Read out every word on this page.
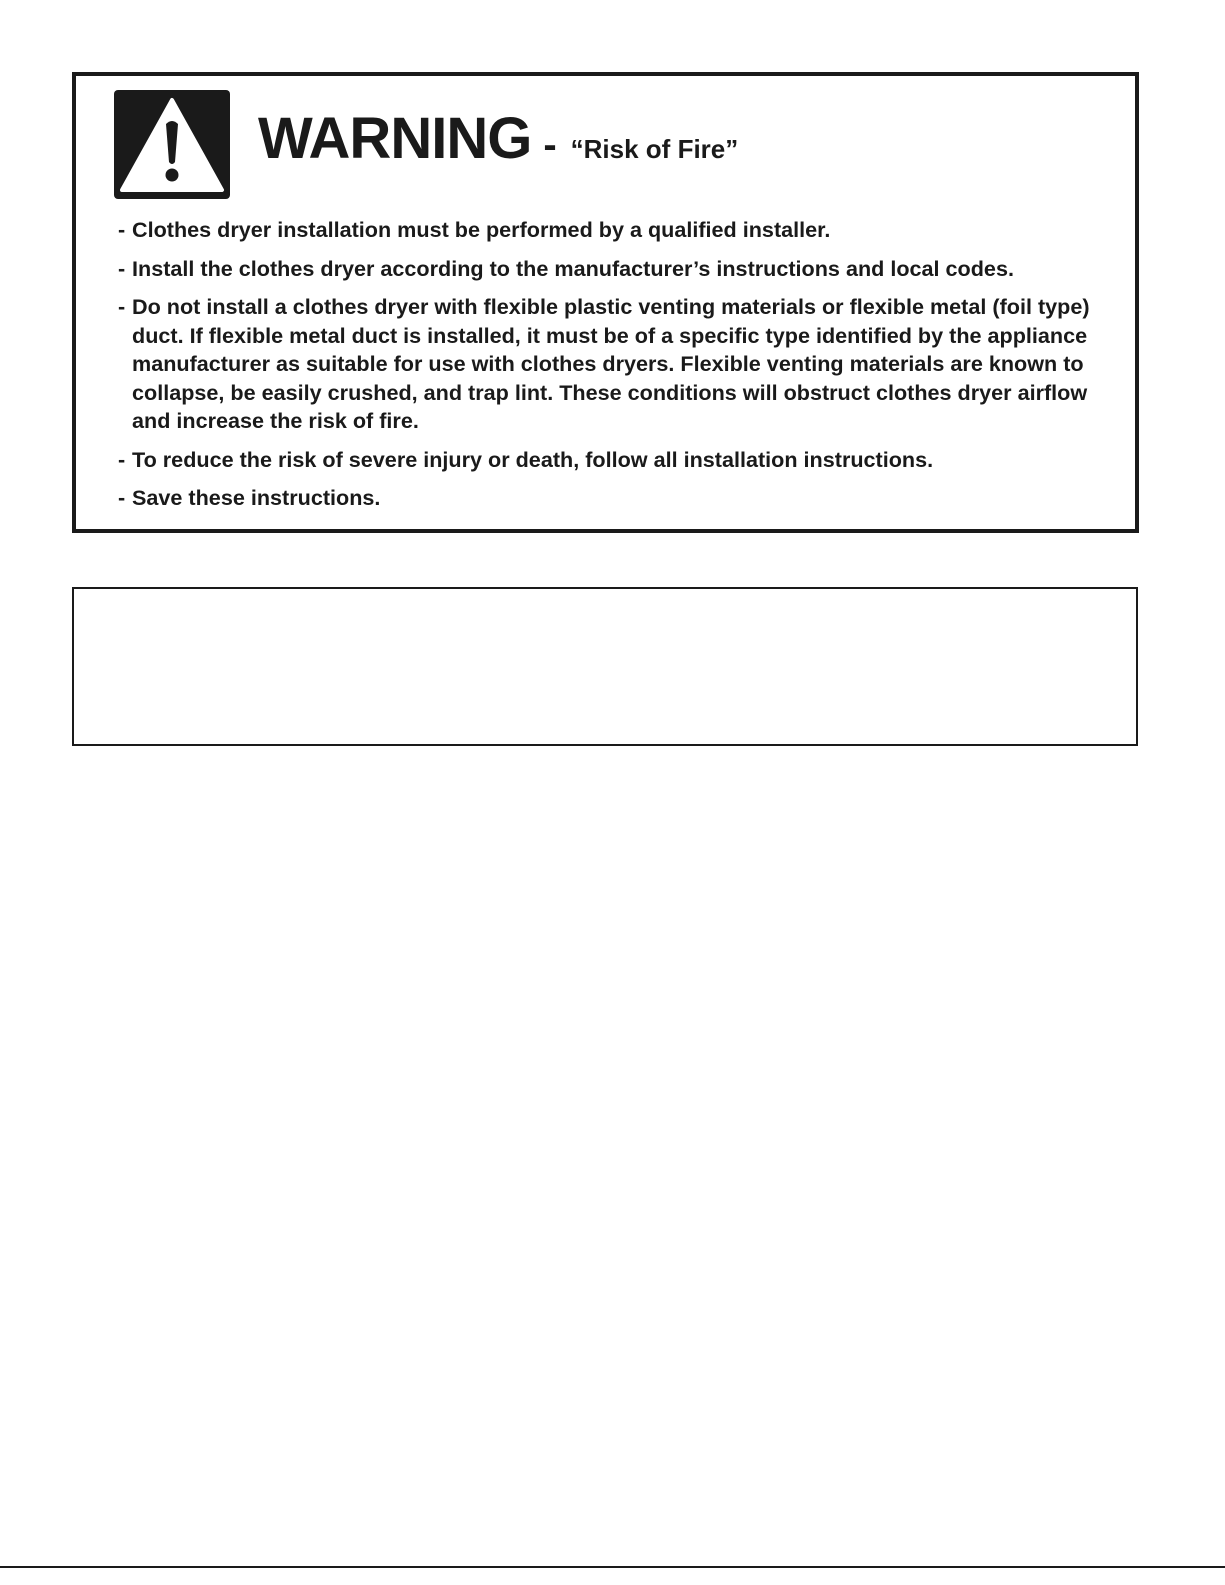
WARNING - “Risk of Fire”
- Clothes dryer installation must be performed by a qualified installer.
- Install the clothes dryer according to the manufacturer’s instructions and local codes.
- Do not install a clothes dryer with flexible plastic venting materials or flexible metal (foil type) duct. If flexible metal duct is installed, it must be of a specific type identified by the appliance manufacturer as suitable for use with clothes dryers. Flexible venting materials are known to collapse, be easily crushed, and trap lint. These conditions will obstruct clothes dryer airflow and increase the risk of fire.
- To reduce the risk of severe injury or death, follow all installation instructions.
- Save these instructions.
